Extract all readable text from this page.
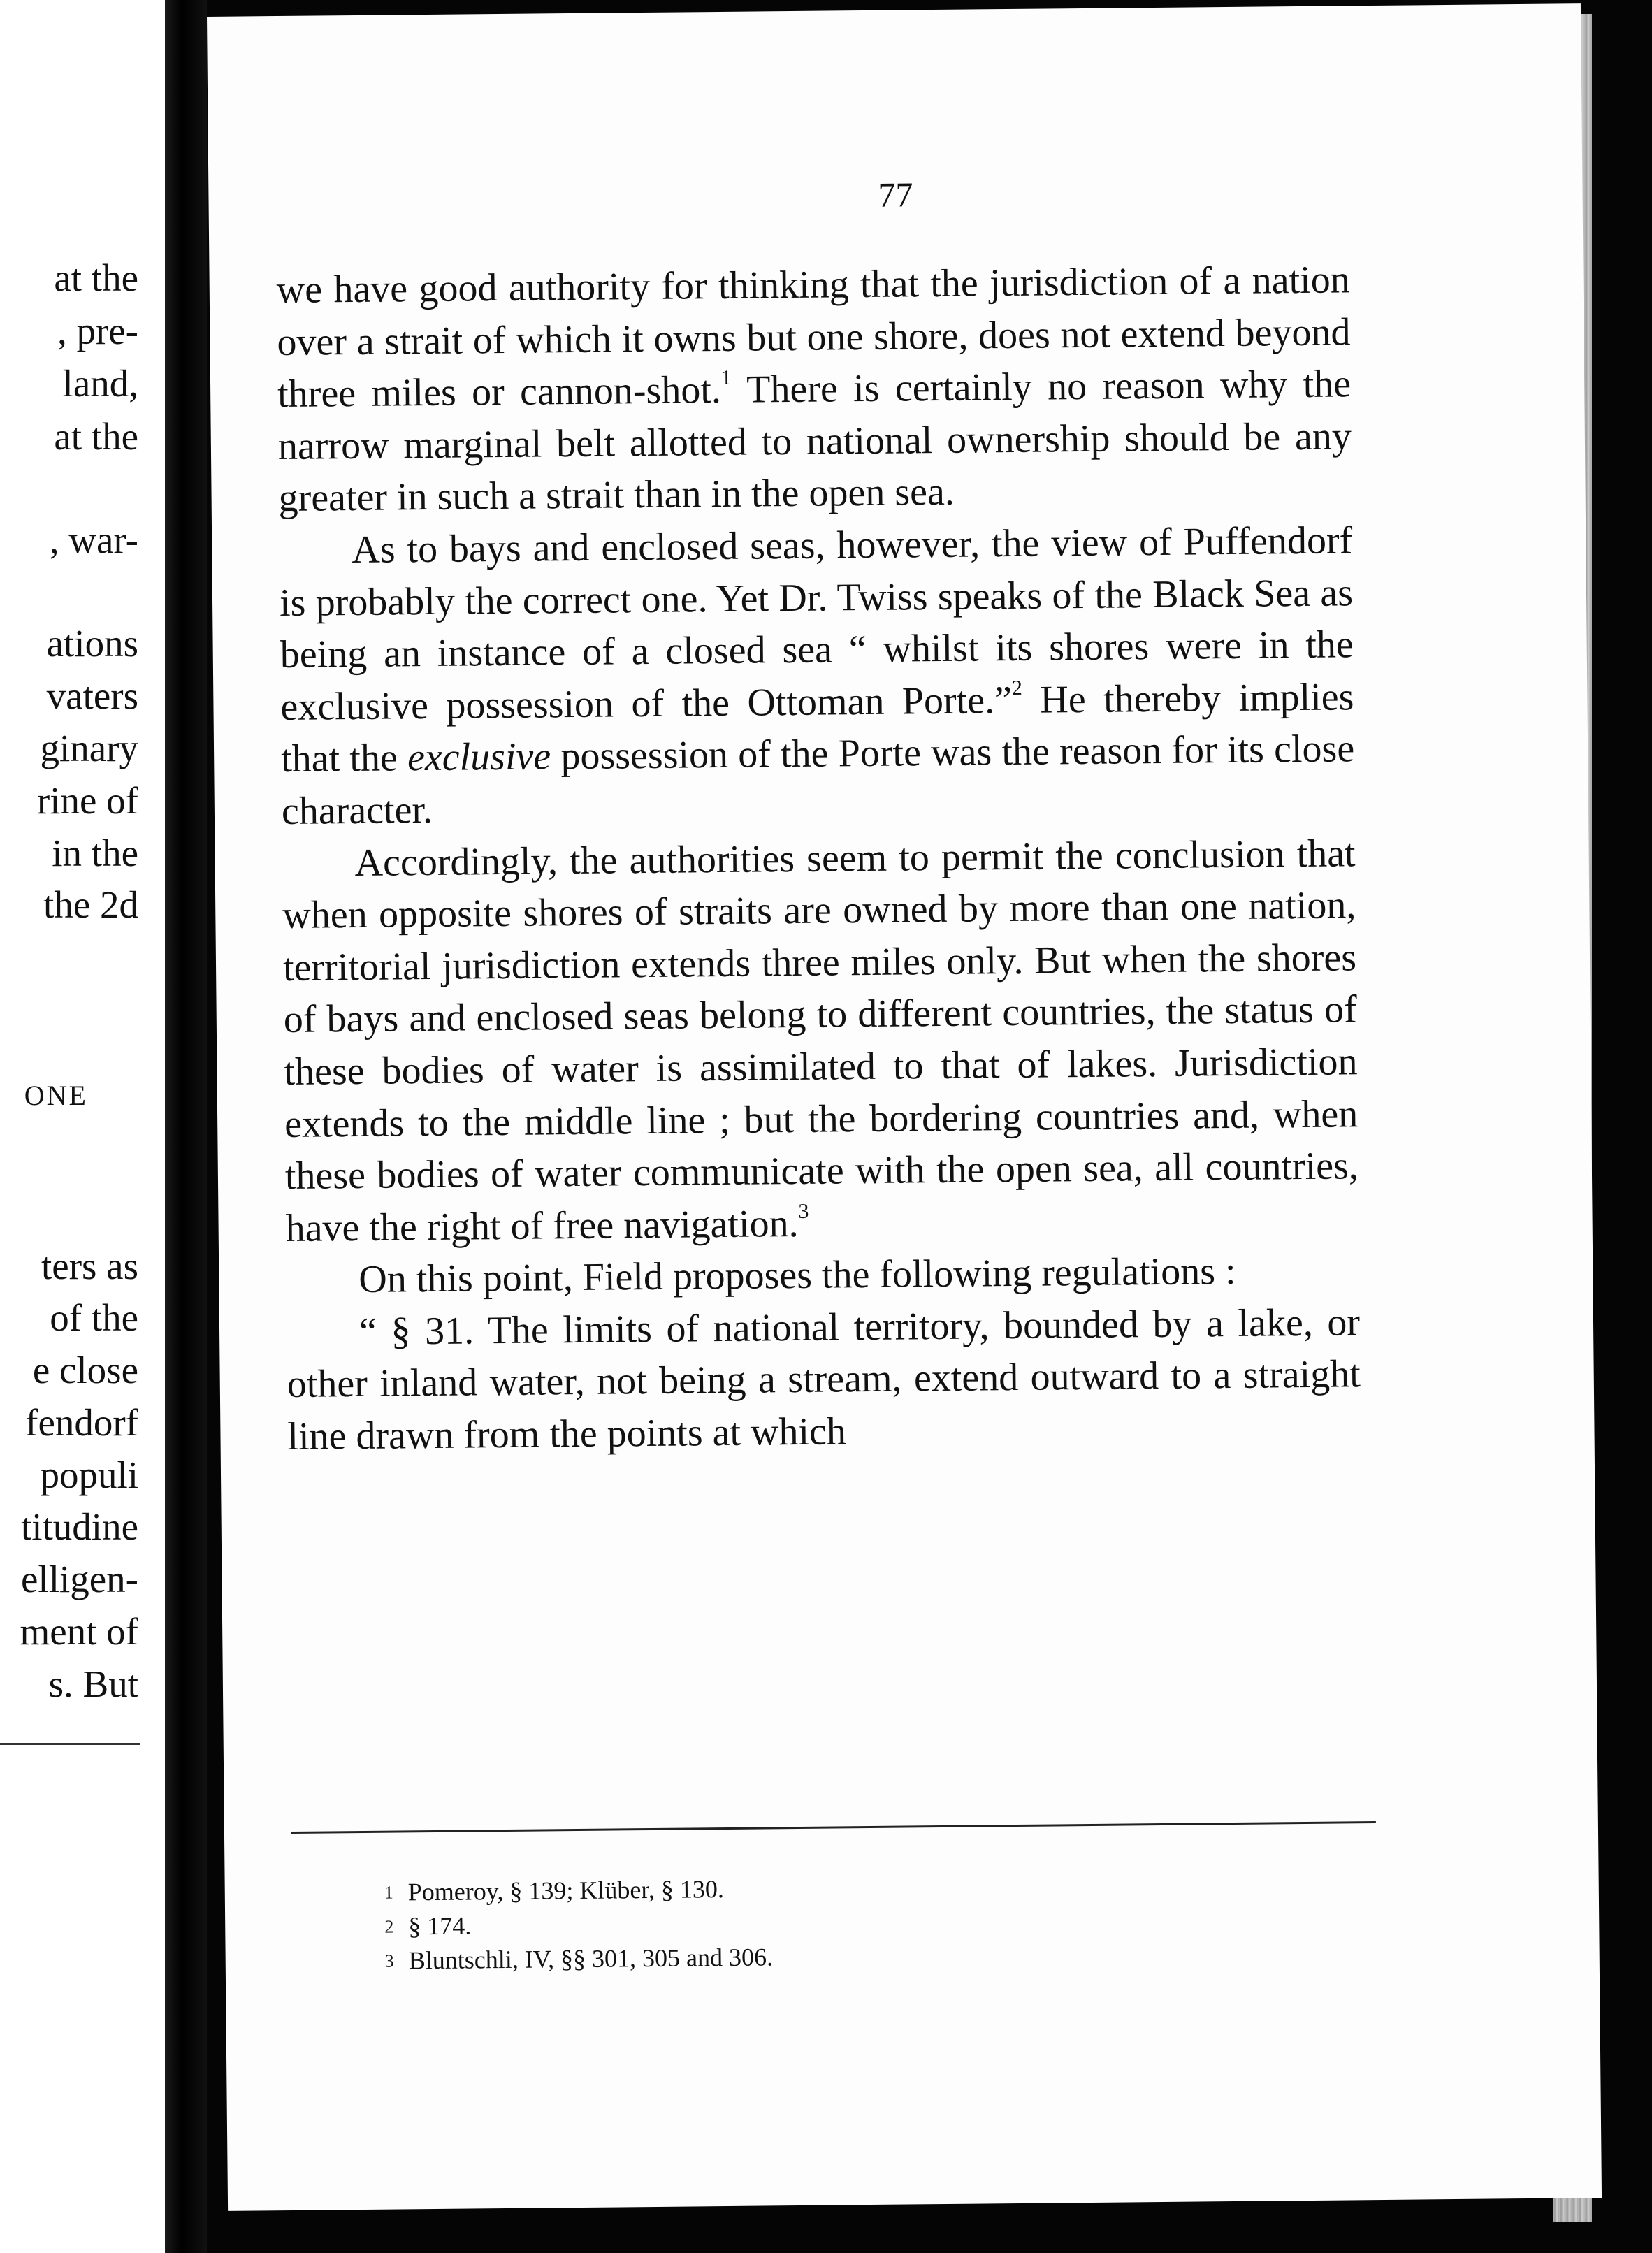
at the
, pre-
land,
at the
, war-
ations
vaters
ginary
rine of
in the
the 2d
ONE
ters as
of the
e close
fendorf
populi
titudine
elligen-
ment of
s. But
77

we have good authority for thinking that the jurisdiction of a nation over a strait of which it owns but one shore, does not extend beyond three miles or cannon-shot.$^1$ There is certainly no reason why the narrow marginal belt allotted to national ownership should be any greater in such a strait than in the open sea.

As to bays and enclosed seas, however, the view of Puffendorf is probably the correct one. Yet Dr. Twiss speaks of the Black Sea as being an instance of a closed sea “ whilst its shores were in the exclusive possession of the Ottoman Porte.”$^2$ He thereby implies that the exclusive possession of the Porte was the reason for its close character.

Accordingly, the authorities seem to permit the conclusion that when opposite shores of straits are owned by more than one nation, territorial jurisdiction extends three miles only. But when the shores of bays and enclosed seas belong to different countries, the status of these bodies of water is assimilated to that of lakes. Jurisdiction extends to the middle line ; but the bordering countries and, when these bodies of water communicate with the open sea, all countries, have the right of free navigation.$^3$

On this point, Field proposes the following regulations :

“ § 31. The limits of national territory, bounded by a lake, or other inland water, not being a stream, extend outward to a straight line drawn from the points at which

1 Pomeroy, § 139; Klüber, § 130.
2 § 174.
3 Bluntschli, IV, §§ 301, 305 and 306.
